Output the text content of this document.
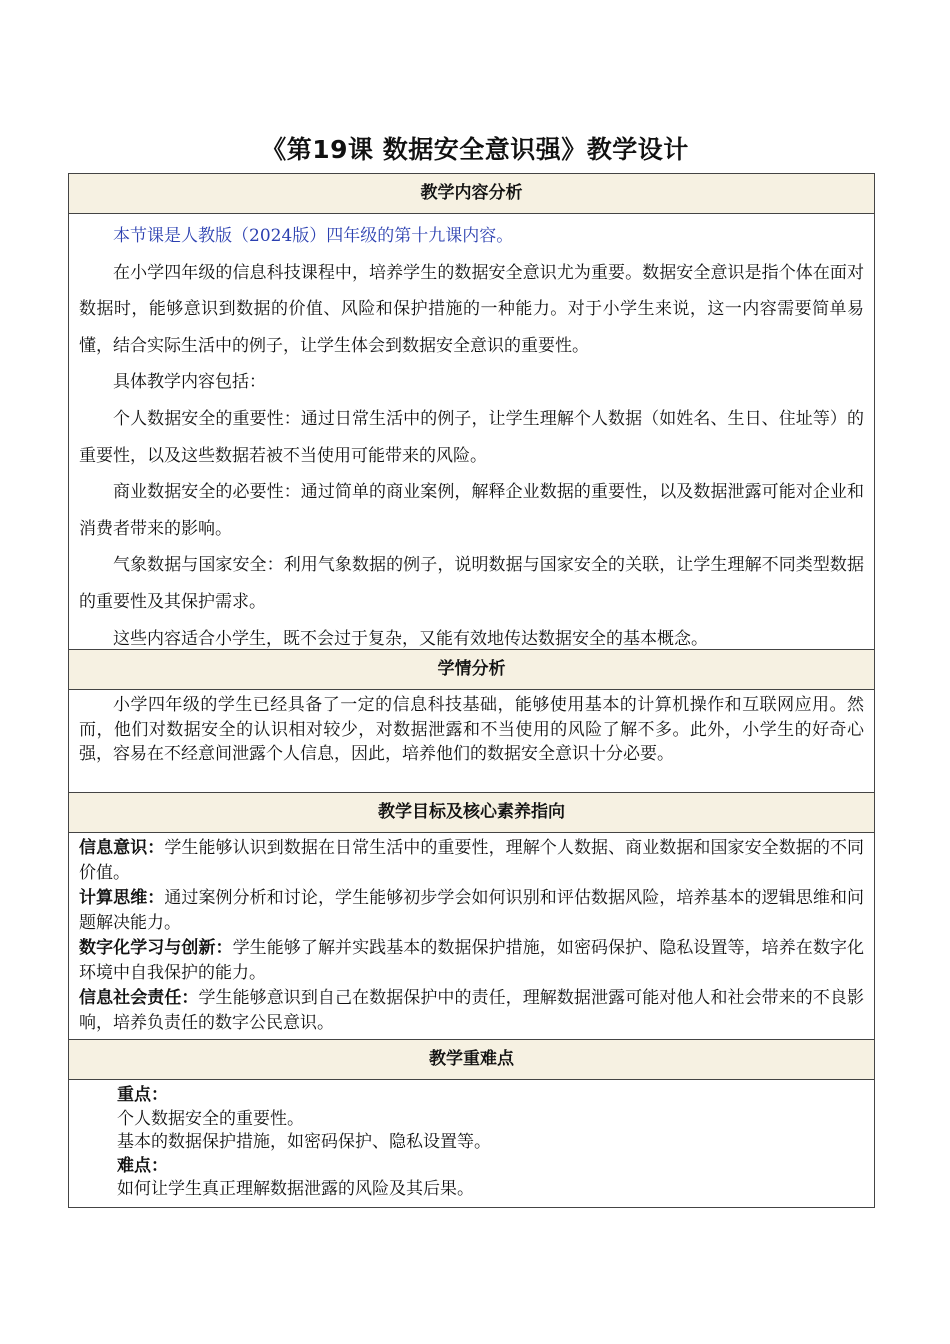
《第19课 数据安全意识强》教学设计
教学内容分析

本节课是人教版（2024版）四年级的第十九课内容。

在小学四年级的信息科技课程中，培养学生的数据安全意识尤为重要。数据安全意识是指个体在面对数据时，能够意识到数据的价值、风险和保护措施的一种能力。对于小学生来说，这一内容需要简单易懂，结合实际生活中的例子，让学生体会到数据安全意识的重要性。

具体教学内容包括：

个人数据安全的重要性：通过日常生活中的例子，让学生理解个人数据（如姓名、生日、住址等）的重要性，以及这些数据若被不当使用可能带来的风险。

商业数据安全的必要性：通过简单的商业案例，解释企业数据的重要性，以及数据泄露可能对企业和消费者带来的影响。

气象数据与国家安全：利用气象数据的例子，说明数据与国家安全的关联，让学生理解不同类型数据的重要性及其保护需求。

这些内容适合小学生，既不会过于复杂，又能有效地传达数据安全的基本概念。

学情分析
小学四年级的学生已经具备了一定的信息科技基础，能够使用基本的计算机操作和互联网应用。然而，他们对数据安全的认识相对较少，对数据泄露和不当使用的风险了解不多。此外，小学生的好奇心强，容易在不经意间泄露个人信息，因此，培养他们的数据安全意识十分必要。
教学目标及核心素养指向
信息意识：学生能够认识到数据在日常生活中的重要性，理解个人数据、商业数据和国家安全数据的不同价值。
计算思维：通过案例分析和讨论，学生能够初步学会如何识别和评估数据风险，培养基本的逻辑思维和问题解决能力。
数字化学习与创新：学生能够了解并实践基本的数据保护措施，如密码保护、隐私设置等，培养在数字化环境中自我保护的能力。
信息社会责任：学生能够意识到自己在数据保护中的责任，理解数据泄露可能对他人和社会带来的不良影响，培养负责任的数字公民意识。
教学重难点
重点：
个人数据安全的重要性。
基本的数据保护措施，如密码保护、隐私设置等。
难点：
如何让学生真正理解数据泄露的风险及其后果。
